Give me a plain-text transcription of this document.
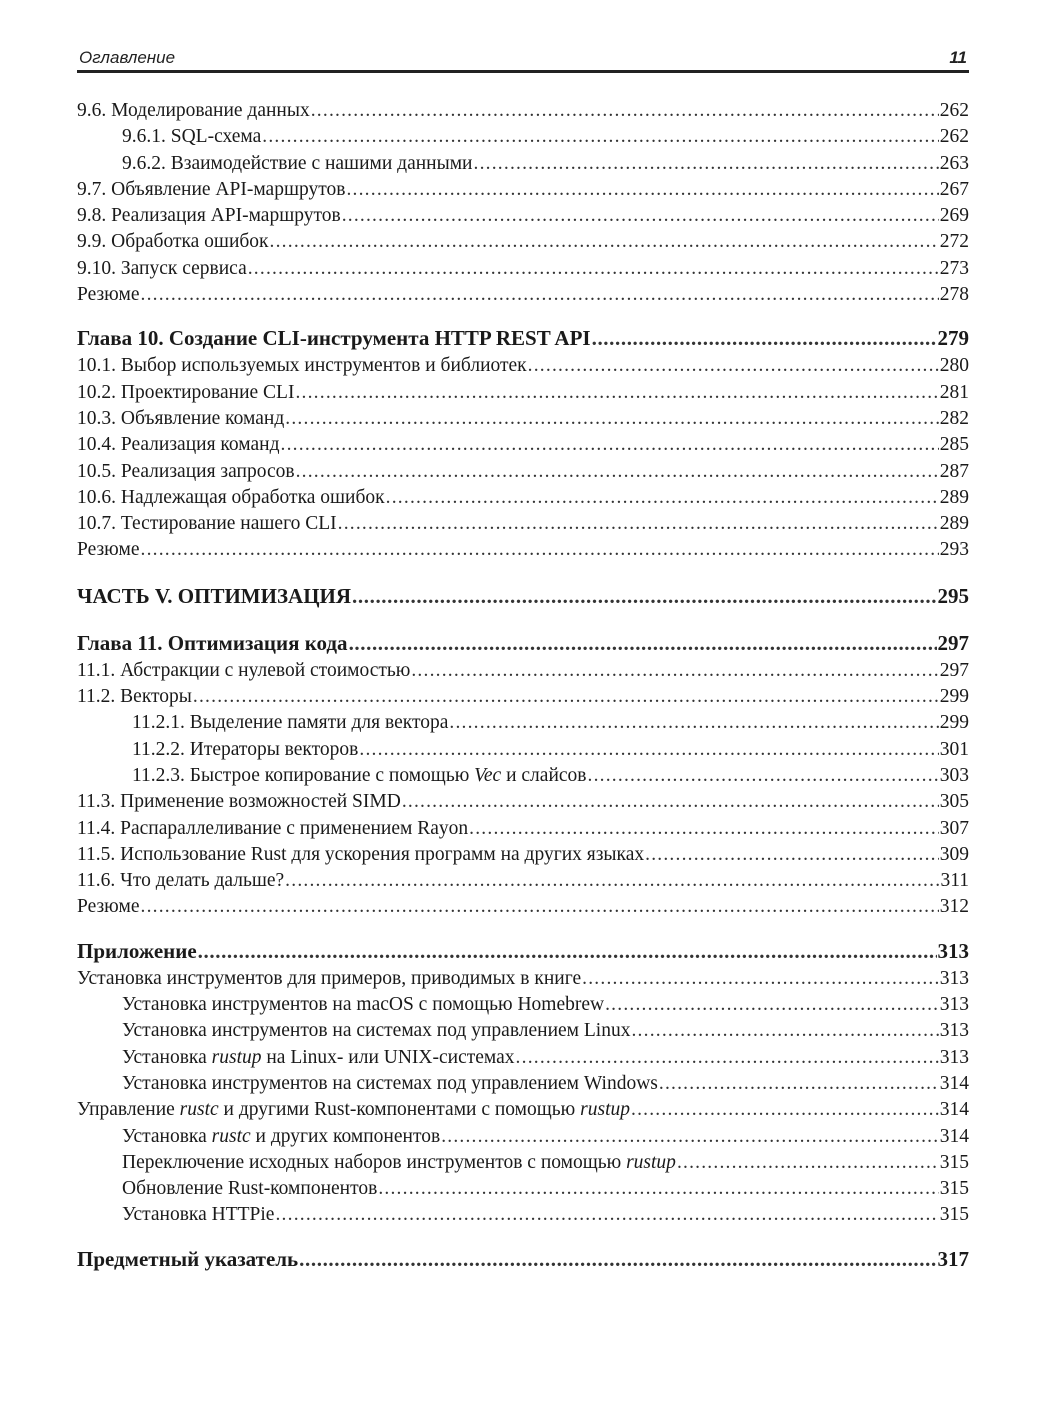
Оглавление	11
9.6. Моделирование данных .....	262
9.6.1. SQL-схема .....	262
9.6.2. Взаимодействие с нашими данными .....	263
9.7. Объявление API-маршрутов .....	267
9.8. Реализация API-маршрутов .....	269
9.9. Обработка ошибок .....	272
9.10. Запуск сервиса .....	273
Резюме .....	278
Глава 10. Создание CLI-инструмента HTTP REST API .....	279
10.1. Выбор используемых инструментов и библиотек .....	280
10.2. Проектирование CLI .....	281
10.3. Объявление команд .....	282
10.4. Реализация команд .....	285
10.5. Реализация запросов .....	287
10.6. Надлежащая обработка ошибок .....	289
10.7. Тестирование нашего CLI .....	289
Резюме .....	293
ЧАСТЬ V. ОПТИМИЗАЦИЯ .....	295
Глава 11. Оптимизация кода .....	297
11.1. Абстракции с нулевой стоимостью .....	297
11.2. Векторы .....	299
11.2.1. Выделение памяти для вектора .....	299
11.2.2. Итераторы векторов .....	301
11.2.3. Быстрое копирование с помощью Vec и слайсов .....	303
11.3. Применение возможностей SIMD .....	305
11.4. Распараллеливание с применением Rayon .....	307
11.5. Использование Rust для ускорения программ на других языках .....	309
11.6. Что делать дальше? .....	311
Резюме .....	312
Приложение .....	313
Установка инструментов для примеров, приводимых в книге .....	313
Установка инструментов на macOS с помощью Homebrew .....	313
Установка инструментов на системах под управлением Linux .....	313
Установка rustup на Linux- или UNIX-системах .....	313
Установка инструментов на системах под управлением Windows .....	314
Управление rustc и другими Rust-компонентами с помощью rustup .....	314
Установка rustc и других компонентов .....	314
Переключение исходных наборов инструментов с помощью rustup .....	315
Обновление Rust-компонентов .....	315
Установка HTTPie .....	315
Предметный указатель .....	317
